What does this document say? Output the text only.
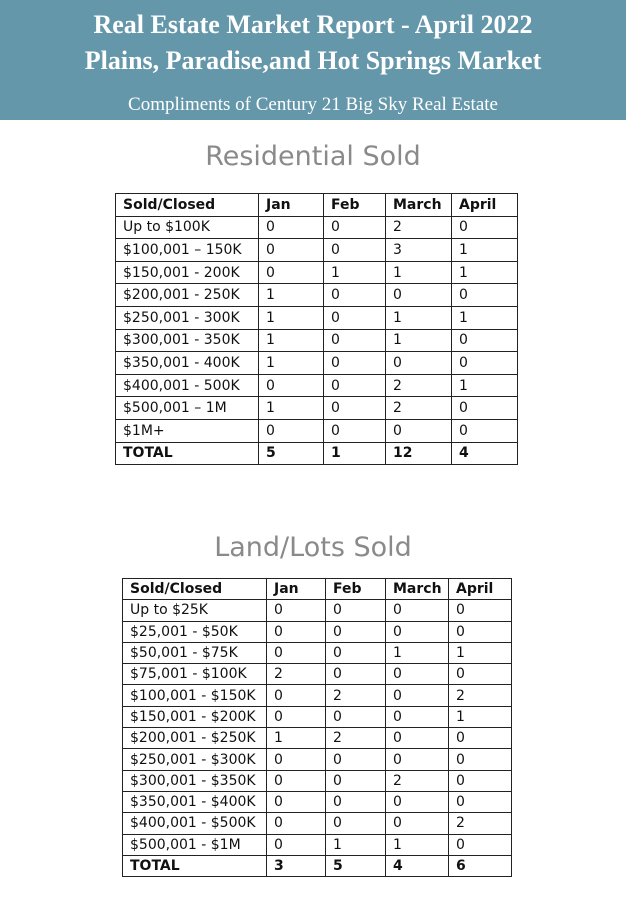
Real Estate Market Report - April 2022
Plains, Paradise,and Hot Springs Market
Compliments of Century 21 Big Sky Real Estate
Residential Sold
Sold/Closed	Jan	Feb	March	April
Up to $100K	0	0	2	0
$100,001 – 150K	0	0	3	1
$150,001 - 200K	0	1	1	1
$200,001 - 250K	1	0	0	0
$250,001 - 300K	1	0	1	1
$300,001 - 350K	1	0	1	0
$350,001 - 400K	1	0	0	0
$400,001 - 500K	0	0	2	1
$500,001 – 1M	1	0	2	0
$1M+	0	0	0	0
TOTAL	5	1	12	4
Land/Lots Sold
Sold/Closed	Jan	Feb	March	April
Up to $25K	0	0	0	0
$25,001 - $50K	0	0	0	0
$50,001 - $75K	0	0	1	1
$75,001 - $100K	2	0	0	0
$100,001 - $150K	0	2	0	2
$150,001 - $200K	0	0	0	1
$200,001 - $250K	1	2	0	0
$250,001 - $300K	0	0	0	0
$300,001 - $350K	0	0	2	0
$350,001 - $400K	0	0	0	0
$400,001 - $500K	0	0	0	2
$500,001 - $1M	0	1	1	0
TOTAL	3	5	4	6
